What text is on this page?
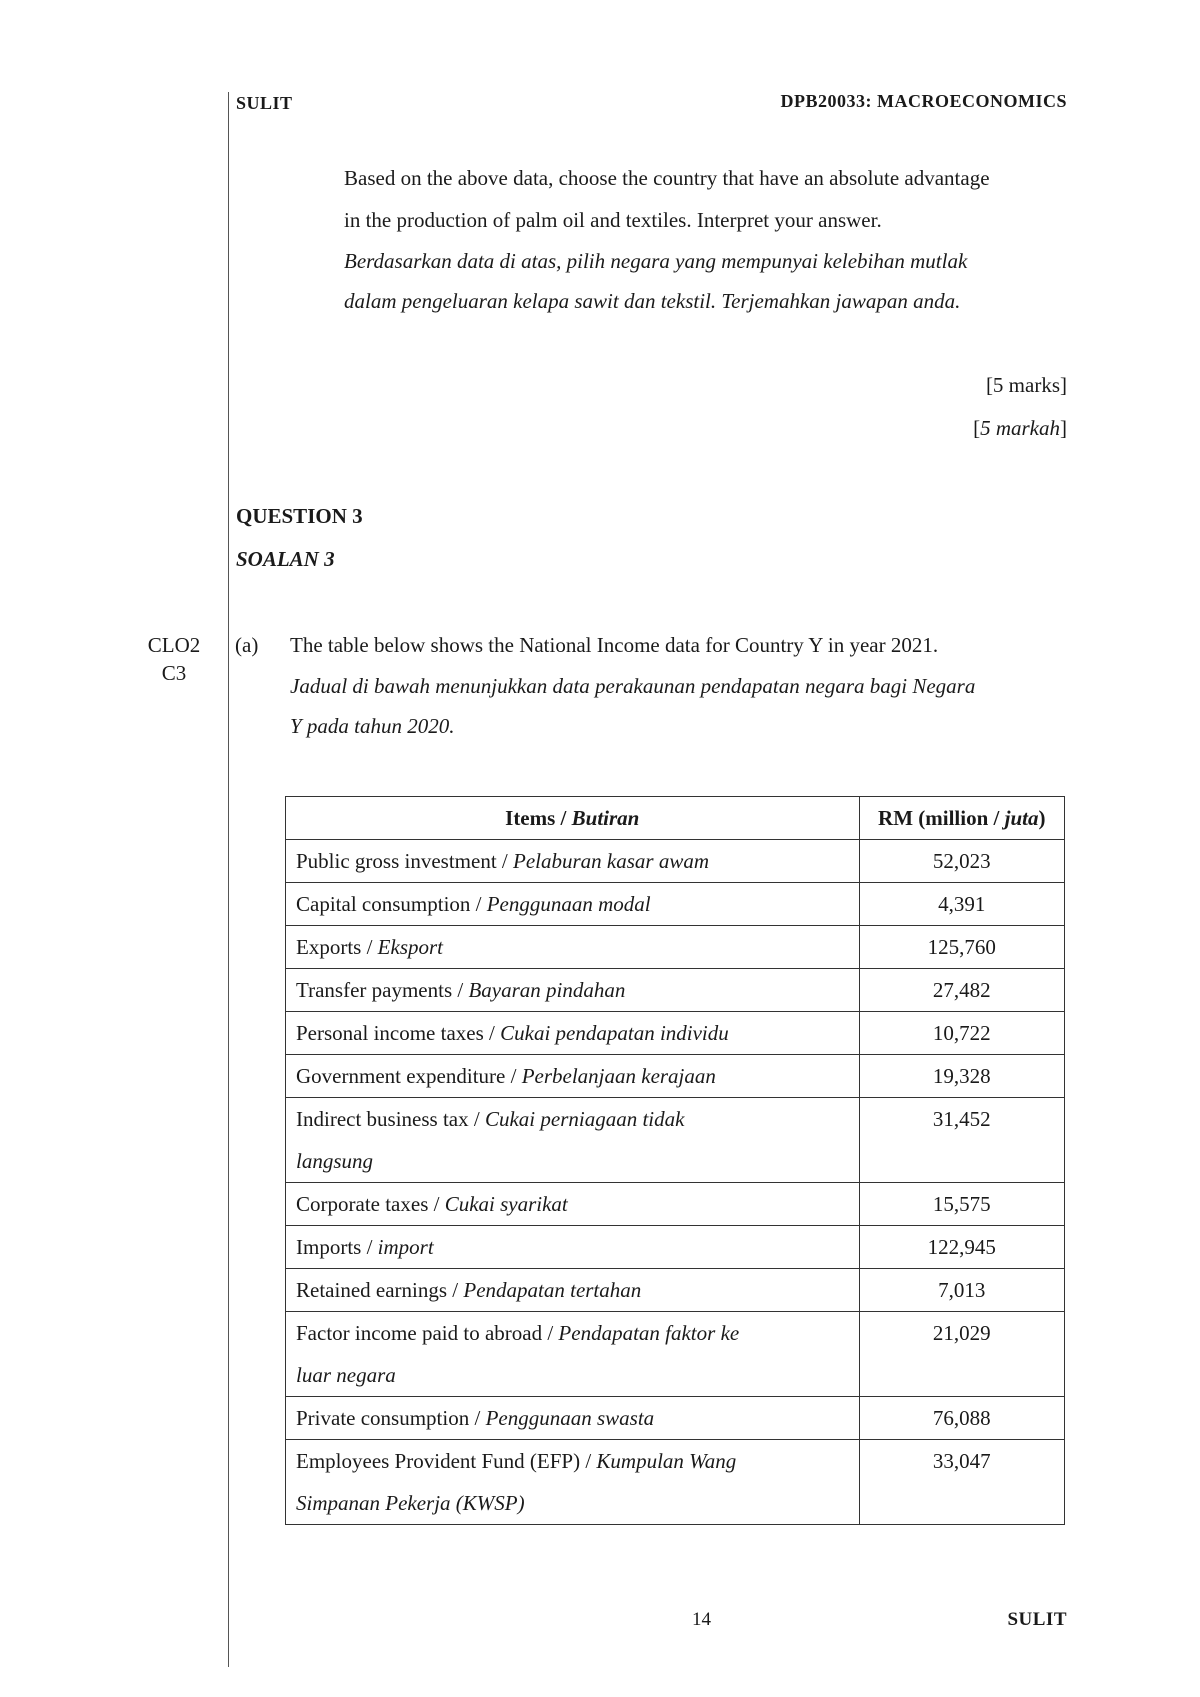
SULIT	DPB20033: MACROECONOMICS
Based on the above data, choose the country that have an absolute advantage
in the production of palm oil and textiles. Interpret your answer.
Berdasarkan data di atas, pilih negara yang mempunyai kelebihan mutlak
dalam pengeluaran kelapa sawit dan tekstil. Terjemahkan jawapan anda.
[5 marks]
[5 markah]
QUESTION 3
SOALAN 3
CLO2
C3
(a) The table below shows the National Income data for Country Y in year 2021.
Jadual di bawah menunjukkan data perakaunan pendapatan negara bagi Negara
Y pada tahun 2020.
Items / Butiran	RM (million / juta)
Public gross investment / Pelaburan kasar awam	52,023
Capital consumption / Penggunaan modal	4,391
Exports / Eksport	125,760
Transfer payments / Bayaran pindahan	27,482
Personal income taxes / Cukai pendapatan individu	10,722
Government expenditure / Perbelanjaan kerajaan	19,328
Indirect business tax / Cukai perniagaan tidak
langsung	31,452
Corporate taxes / Cukai syarikat	15,575
Imports / import	122,945
Retained earnings / Pendapatan tertahan	7,013
Factor income paid to abroad / Pendapatan faktor ke
luar negara	21,029
Private consumption / Penggunaan swasta	76,088
Employees Provident Fund (EFP) / Kumpulan Wang
Simpanan Pekerja (KWSP)	33,047
14	SULIT
